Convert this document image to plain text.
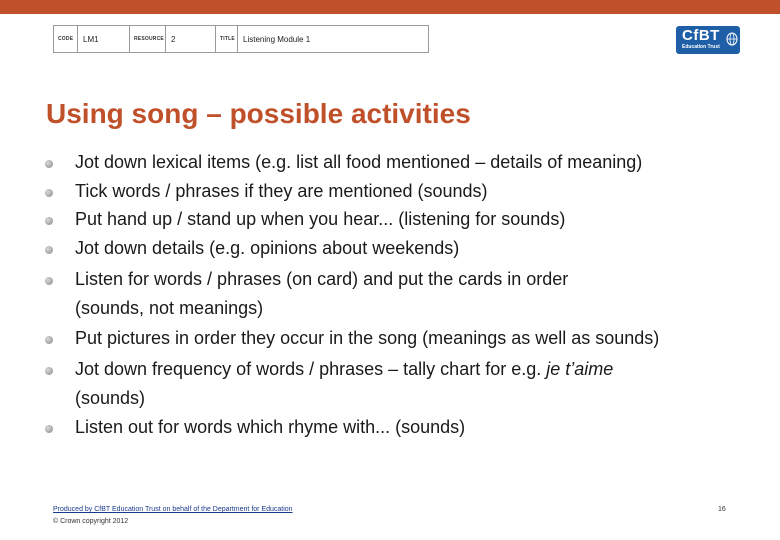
CODE	LM1	RESOURCE 2	TITLE	Listening Module 1	CfBT
Education Trust
Using song – possible activities
Jot down lexical items (e.g. list all food mentioned – details of meaning)
Tick words / phrases if they are mentioned (sounds)
Put hand up / stand up when you hear... (listening for sounds)
Jot down details (e.g. opinions about weekends)
Listen for words / phrases (on card) and put the cards in order
(sounds, not meanings)
Put pictures in order they occur in the song (meanings as well as sounds)
Jot down frequency of words / phrases – tally chart for e.g. je t’aime
(sounds)
Listen out for words which rhyme with... (sounds)
Produced by CfBT Education Trust on behalf of the Department for Education
© Crown copyright 2012
16
